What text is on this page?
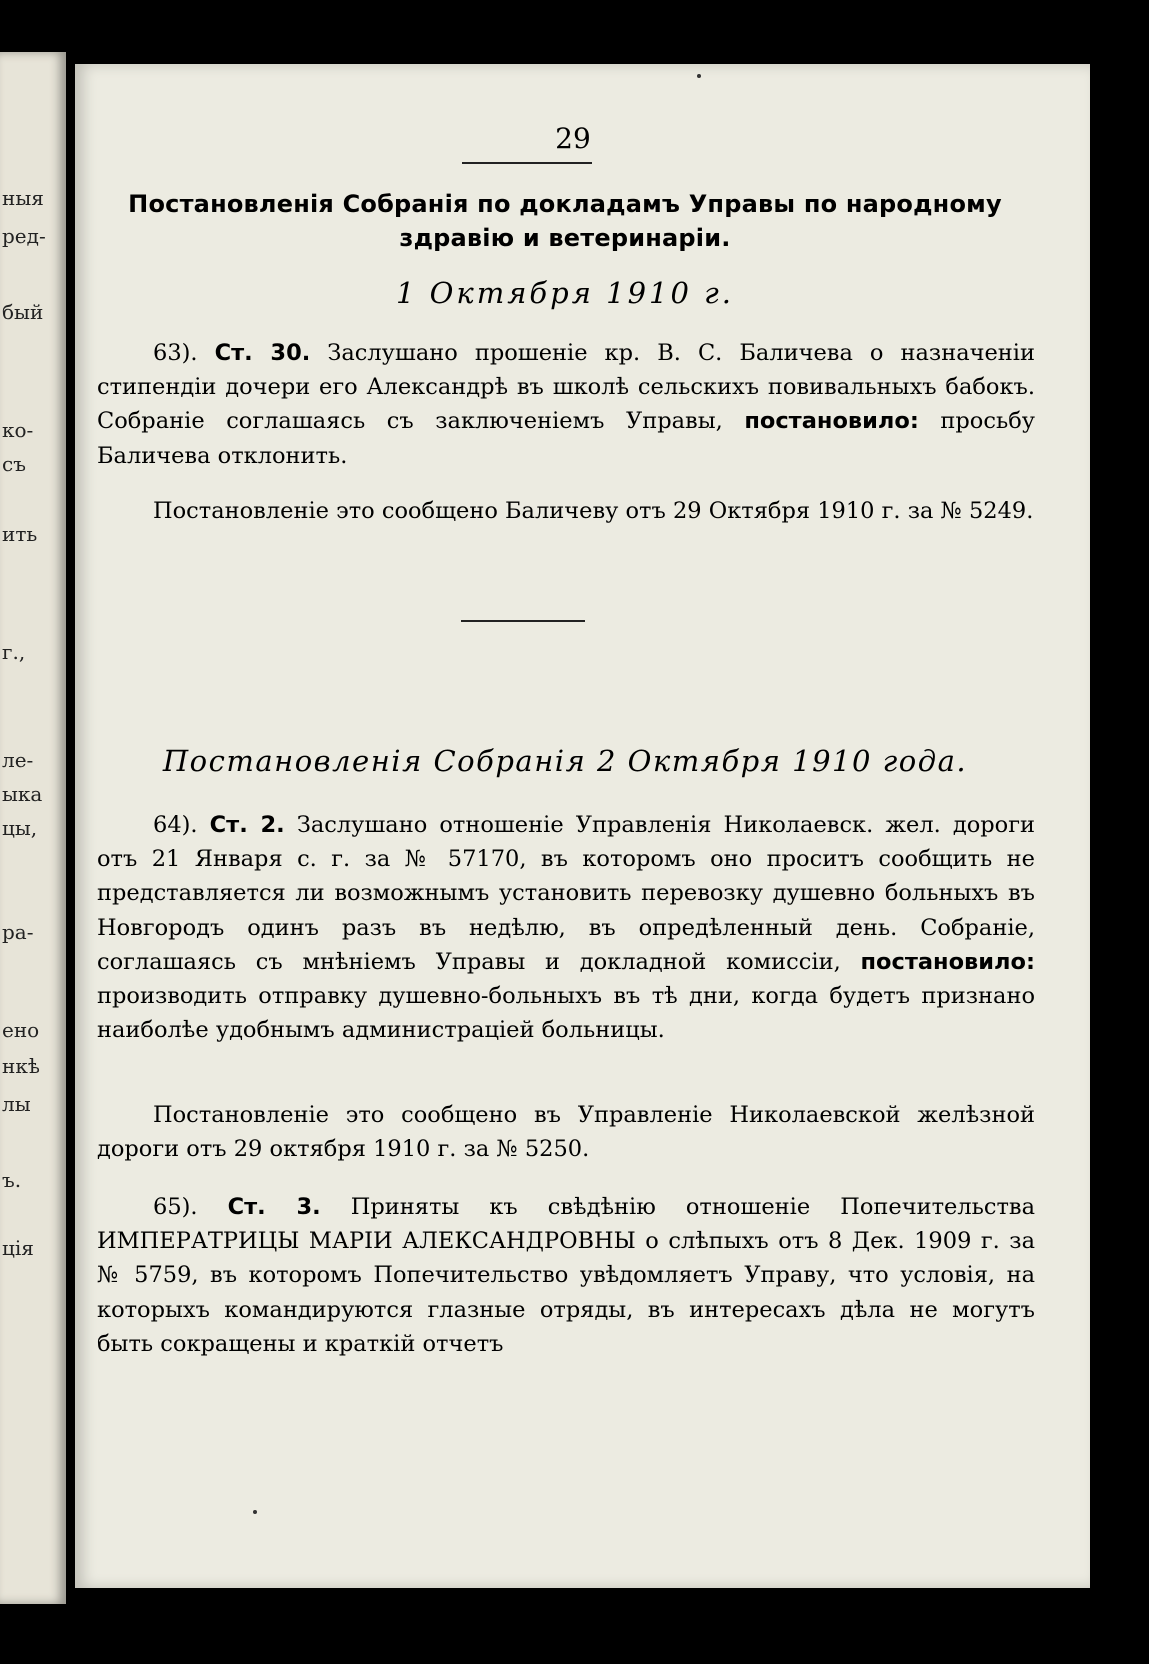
ныя
ред-
бый
ко-
съ
ить
г.,
ле-
ыка
цы,
ра-
ено
нкѣ
лы
ъ.
ція
29
Постановленія Собранія по докладамъ Управы по народному
здравію и ветеринаріи.
1 Октября 1910 г.
63). Ст. 30. Заслушано прошеніе кр. В. С. Баличева о назначеніи стипендіи дочери его Александрѣ въ школѣ сельскихъ повивальныхъ бабокъ. Собраніе соглашаясь съ заключеніемъ Управы, постановило: просьбу Баличева отклонить.
Постановленіе это сообщено Баличеву отъ 29 Октября 1910 г. за № 5249.
Постановленія Собранія 2 Октября 1910 года.
64). Ст. 2. Заслушано отношеніе Управленія Николаевск. жел. дороги отъ 21 Января с. г. за № 57170, въ которомъ оно проситъ сообщить не представляется ли возможнымъ установить перевозку душевно больныхъ въ Новгородъ одинъ разъ въ недѣлю, въ опредѣленный день. Собраніе, соглашаясь съ мнѣніемъ Управы и докладной комиссіи, постановило: производить отправку душевно-больныхъ въ тѣ дни, когда будетъ признано наиболѣе удобнымъ администраціей больницы.
Постановленіе это сообщено въ Управленіе Николаевской желѣзной дороги отъ 29 октября 1910 г. за № 5250.
65). Ст. 3. Приняты къ свѣдѣнію отношеніе Попечительства ИМПЕРАТРИЦЫ МАРІИ АЛЕКСАНДРОВНЫ о слѣпыхъ отъ 8 Дек. 1909 г. за № 5759, въ которомъ Попечительство увѣдомляетъ Управу, что условія, на которыхъ командируются глазные отряды, въ интересахъ дѣла не могутъ быть сокращены и краткій отчетъ
